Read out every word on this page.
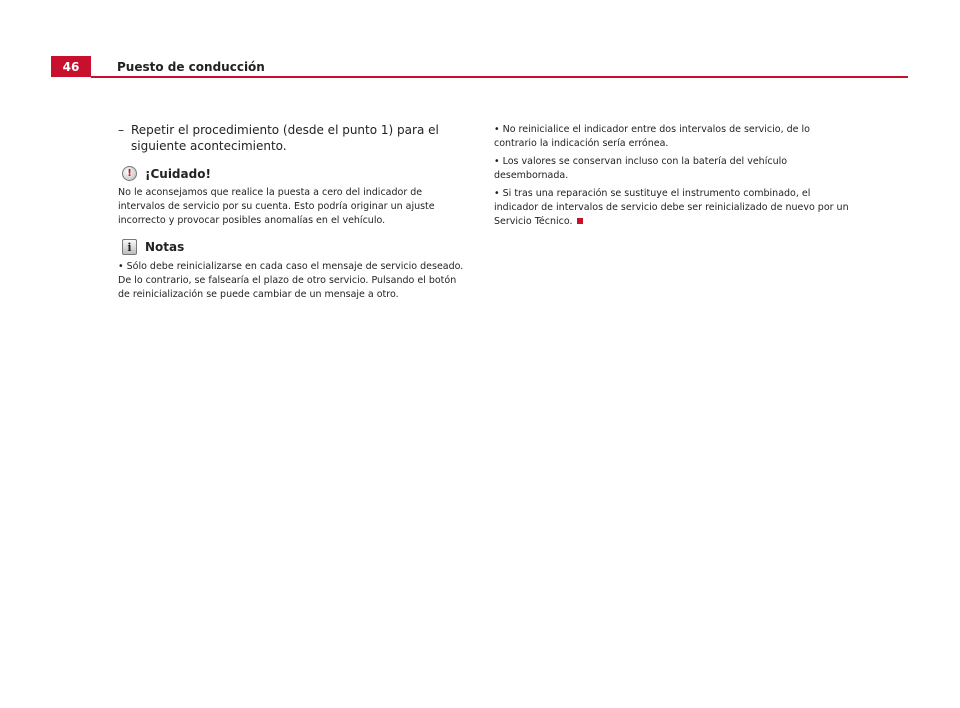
46	Puesto de conducción

– Repetir el procedimiento (desde el punto 1) para el siguiente acontecimiento.

!	¡Cuidado!

No le aconsejamos que realice la puesta a cero del indicador de intervalos de servicio por su cuenta. Esto podría originar un ajuste incorrecto y provocar posibles anomalías en el vehículo.

i	Notas

• Sólo debe reinicializarse en cada caso el mensaje de servicio deseado. De lo contrario, se falsearía el plazo de otro servicio. Pulsando el botón de reinicialización se puede cambiar de un mensaje a otro.

• No reinicialice el indicador entre dos intervalos de servicio, de lo contrario la indicación sería errónea.

• Los valores se conservan incluso con la batería del vehículo desembornada.

• Si tras una reparación se sustituye el instrumento combinado, el indicador de intervalos de servicio debe ser reinicializado de nuevo por un Servicio Técnico.
